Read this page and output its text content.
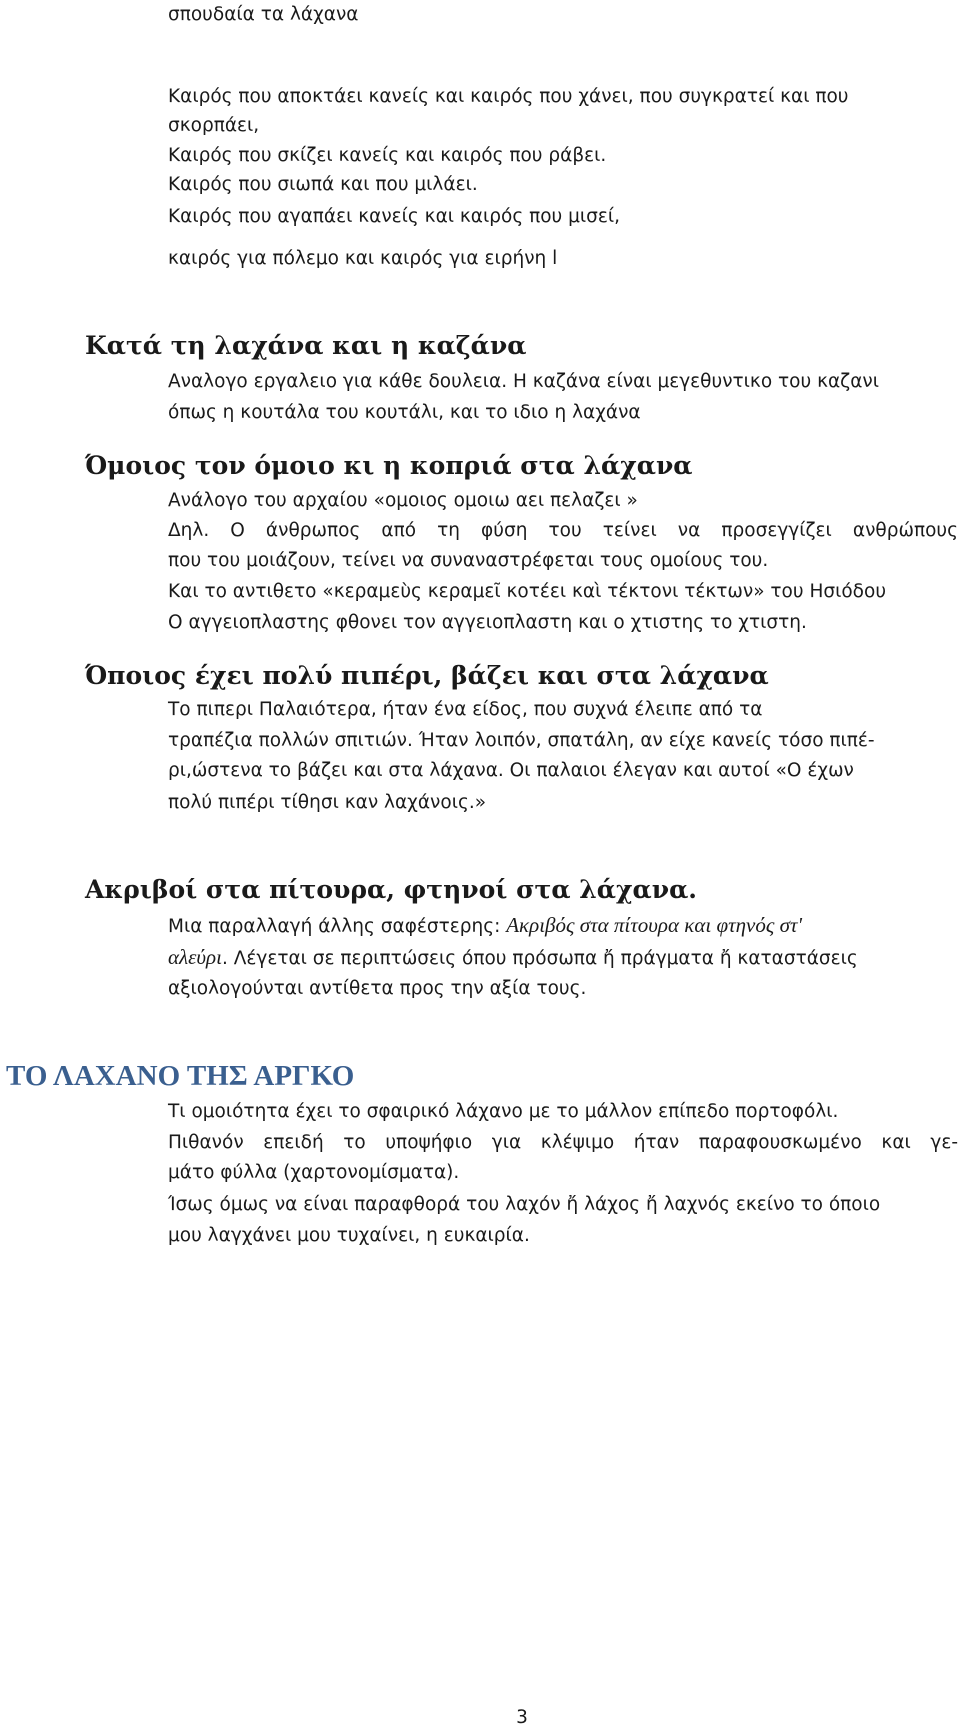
σπουδαία τα λάχανα
Καιρός που αποκτάει κανείς και καιρός που χάνει, που συγκρατεί και που
σκορπάει,
Καιρός που σκίζει κανείς και καιρός που ράβει.
Καιρός που σιωπά και που μιλάει.
Καιρός που αγαπάει κανείς και καιρός που μισεί,
καιρός για πόλεμο και καιρός για ειρήνη l
Κατά τη λαχάνα και η καζάνα
Αναλογο εργαλειο για κάθε δουλεια. Η καζάνα είναι μεγεθυντικο του καζανι
όπως η κουτάλα του κουτάλι, και το ιδιο η λαχάνα
Όμοιος τον όμοιο κι η κοπριά στα λάχανα
Ανάλογο του αρχαίου «ομοιος ομοιω αει πελαζει »
Δηλ. Ο άνθρωπος από τη φύση του τείνει να προσεγγίζει ανθρώπους
που του μοιάζουν, τείνει να συναναστρέφεται τους ομοίους του.
Και το αντιθετο «κεραμεὺς κεραμεῖ κοτέει καὶ τέκτονι τέκτων» του Ησιόδου
Ο αγγειοπλαστης φθονει τον αγγειοπλαστη και ο χτιστης το χτιστη.
Όποιος έχει πολύ πιπέρι, βάζει και στα λάχανα
Το πιπερι Παλαιότερα, ήταν ένα είδος, που συχνά έλειπε από τα
τραπέζια πολλών σπιτιών. Ήταν λοιπόν, σπατάλη, αν είχε κανείς τόσο πιπέ-
ρι,ώστενα το βάζει και στα λάχανα. Οι παλαιοι έλεγαν και αυτοί «Ο έχων
πολύ πιπέρι τίθησι καν λαχάνοις.»
Ακριβοί στα πίτουρα, φτηνοί στα λάχανα.
Μια παραλλαγή άλλης σαφέστερης: Ακριβός στα πίτουρα και φτηνός στ'
αλεύρι. Λέγεται σε περιπτώσεις όπου πρόσωπα ἤ πράγματα ἤ καταστάσεις
αξιολογούνται αντίθετα προς την αξία τους.
ΤΟ ΛΑΧΑΝΟ ΤΗΣ ΑΡΓΚΟ
Τι ομοιότητα έχει το σφαιρικό λάχανο με το μάλλον επίπεδο πορτοφόλι.
Πιθανόν επειδή το υποψήφιο για κλέψιμο ήταν παραφουσκωμένο και γε-
μάτο φύλλα (χαρτονομίσματα).
Ίσως όμως να είναι παραφθορά του λαχόν ἤ λάχος ἤ λαχνός εκείνο το όποιο
μου λαγχάνει μου τυχαίνει, η ευκαιρία.
3
